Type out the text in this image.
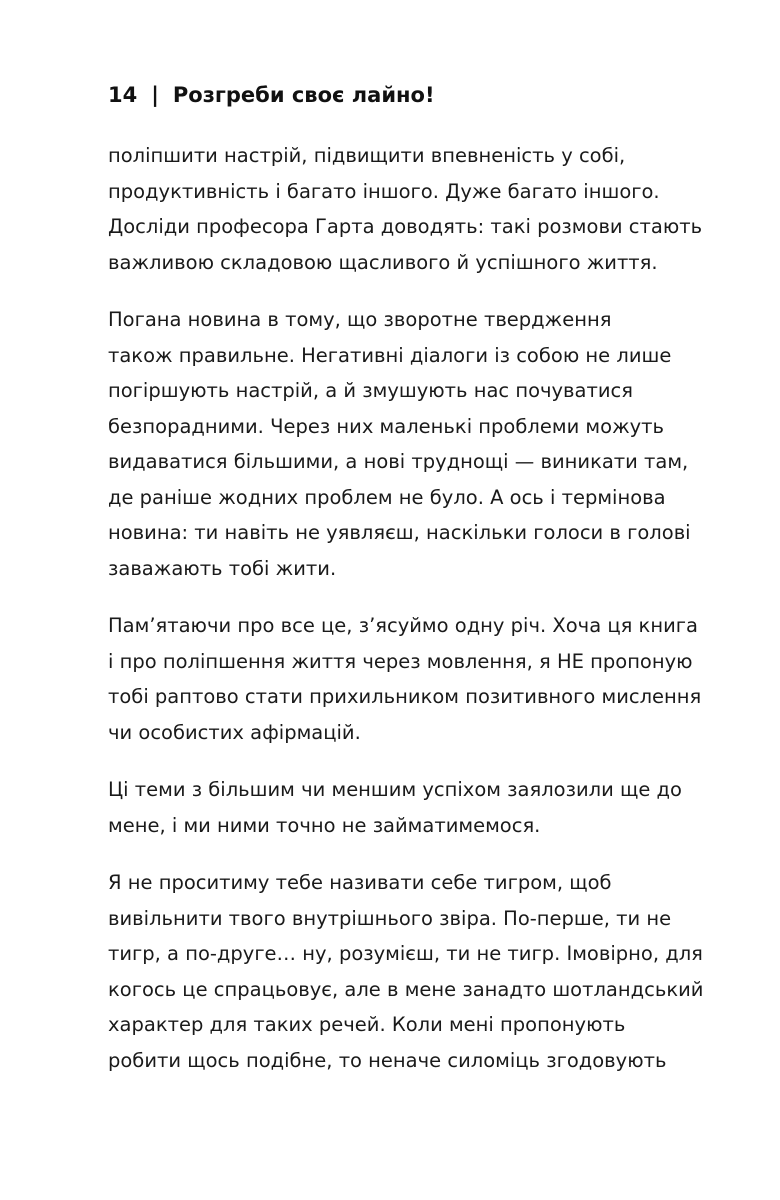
14 | Розгреби своє лайно!

поліпшити настрій, підвищити впевненість у собі,
продуктивність і багато іншого. Дуже багато іншого.
Досліди професора Гарта доводять: такі розмови стають
важливою складовою щасливого й успішного життя.

Погана новина в тому, що зворотне твердження
також правильне. Негативні діалоги із собою не лише
погіршують настрій, а й змушують нас почуватися
безпорадними. Через них маленькі проблеми можуть
видаватися більшими, а нові труднощі — виникати там,
де раніше жодних проблем не було. А ось і термінова
новина: ти навіть не уявляєш, наскільки голоси в голові
заважають тобі жити.

Пам’ятаючи про все це, з’ясуймо одну річ. Хоча ця книга
і про поліпшення життя через мовлення, я НЕ пропоную
тобі раптово стати прихильником позитивного мислення
чи особистих афірмацій.

Ці теми з більшим чи меншим успіхом заялозили ще до
мене, і ми ними точно не займатимемося.

Я не проситиму тебе називати себе тигром, щоб
вивільнити твого внутрішнього звіра. По-перше, ти не
тигр, а по-друге… ну, розумієш, ти не тигр. Імовірно, для
когось це спрацьовує, але в мене занадто шотландський
характер для таких речей. Коли мені пропонують
робити щось подібне, то неначе силоміць згодовують
